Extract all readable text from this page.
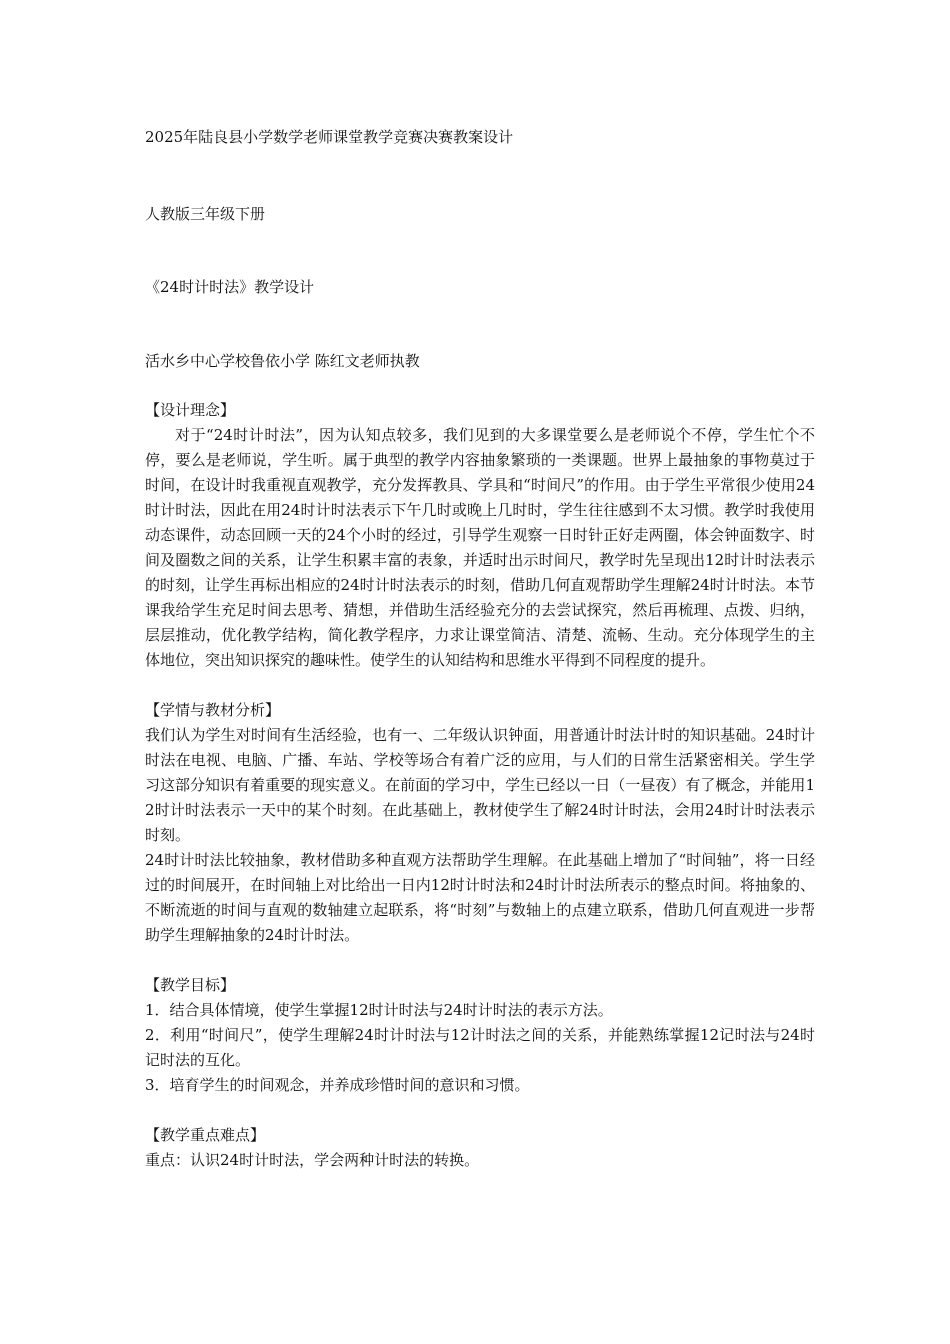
2025年陆良县小学数学老师课堂教学竞赛决赛教案设计
人教版三年级下册
《24时计时法》教学设计
活水乡中心学校鲁依小学 陈红文老师执教

【设计理念】

对于“24时计时法”，因为认知点较多，我们见到的大多课堂要么是老师说个不停，学生忙个不停，要么是老师说，学生听。属于典型的教学内容抽象繁琐的一类课题。世界上最抽象的事物莫过于时间，在设计时我重视直观教学，充分发挥教具、学具和“时间尺”的作用。由于学生平常很少使用24时计时法，因此在用24时计时法表示下午几时或晚上几时时，学生往往感到不太习惯。教学时我使用动态课件，动态回顾一天的24个小时的经过，引导学生观察一日时针正好走两圈，体会钟面数字、时间及圈数之间的关系，让学生积累丰富的表象，并适时出示时间尺，教学时先呈现出12时计时法表示的时刻，让学生再标出相应的24时计时法表示的时刻，借助几何直观帮助学生理解24时计时法。本节课我给学生充足时间去思考、猜想，并借助生活经验充分的去尝试探究，然后再梳理、点拨、归纳，层层推动，优化教学结构，简化教学程序，力求让课堂简洁、清楚、流畅、生动。充分体现学生的主体地位，突出知识探究的趣味性。使学生的认知结构和思维水平得到不同程度的提升。

【学情与教材分析】

我们认为学生对时间有生活经验，也有一、二年级认识钟面，用普通计时法计时的知识基础。24时计时法在电视、电脑、广播、车站、学校等场合有着广泛的应用，与人们的日常生活紧密相关。学生学习这部分知识有着重要的现实意义。在前面的学习中，学生已经以一日（一昼夜）有了概念，并能用12时计时法表示一天中的某个时刻。在此基础上，教材使学生了解24时计时法，会用24时计时法表示时刻。

24时计时法比较抽象，教材借助多种直观方法帮助学生理解。在此基础上增加了“时间轴”，将一日经过的时间展开，在时间轴上对比给出一日内12时计时法和24时计时法所表示的整点时间。将抽象的、不断流逝的时间与直观的数轴建立起联系，将“时刻”与数轴上的点建立联系，借助几何直观进一步帮助学生理解抽象的24时计时法。

【教学目标】

1．结合具体情境，使学生掌握12时计时法与24时计时法的表示方法。

2．利用“时间尺”，使学生理解24时计时法与12计时法之间的关系，并能熟练掌握12记时法与24时记时法的互化。

3．培育学生的时间观念，并养成珍惜时间的意识和习惯。

【教学重点难点】

重点：认识24时计时法，学会两种计时法的转换。
